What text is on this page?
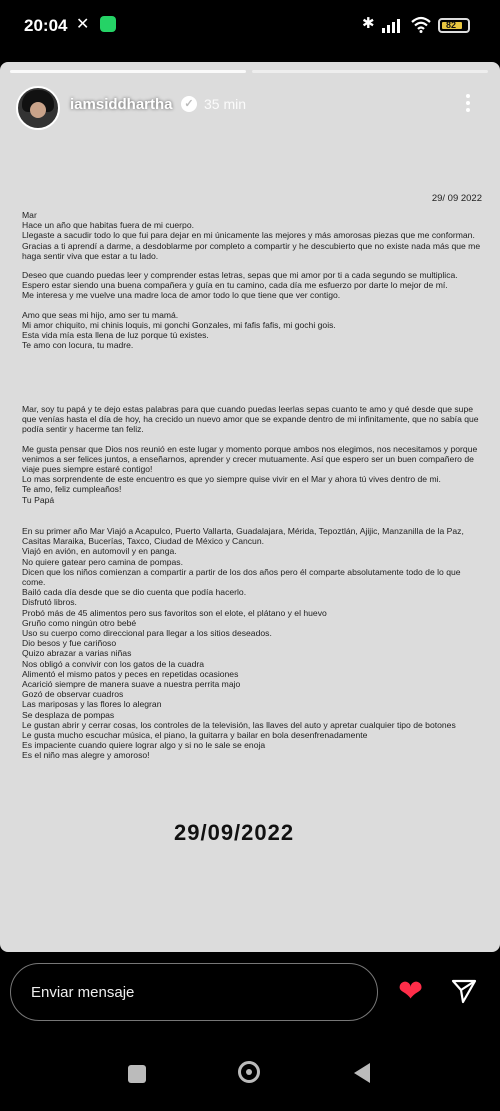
20:04 ✕	✱	82
iamsiddhartha	✓ 35 min
29/ 09 2022

Mar
Hace un año que habitas fuera de mi cuerpo.
Llegaste a sacudir todo lo que fui para dejar en mi únicamente las mejores y más amorosas piezas que me conforman. Gracias a ti aprendí a darme, a desdoblarme por completo a compartir y he descubierto que no existe nada más que me haga sentir viva que estar a tu lado.

Deseo que cuando puedas leer y comprender estas letras, sepas que mi amor por ti a cada segundo se multiplica.
Espero estar siendo una buena compañera y guía en tu camino, cada día me esfuerzo por darte lo mejor de mí.
Me interesa y me vuelve una madre loca de amor todo lo que tiene que ver contigo.

Amo que seas mi hijo, amo ser tu mamá.
Mi amor chiquito, mi chinis loquis, mi gonchi Gonzales, mi fafis fafis, mi gochi gois.
Esta vida mía esta llena de luz porque tú existes.
Te amo con locura, tu madre.

Mar, soy tu papá y te dejo estas palabras para que cuando puedas leerlas sepas cuanto te amo y qué desde que supe que venías hasta el día de hoy, ha crecido un nuevo amor que se expande dentro de mi infinitamente, que no sabía que podía sentir y hacerme tan feliz.

Me gusta pensar que Dios nos reunió en este lugar y momento porque ambos nos elegimos, nos necesitamos y porque venimos a ser felices juntos, a enseñarnos, aprender y crecer mutuamente. Así que espero ser un buen compañero de viaje pues siempre estaré contigo!
Lo mas sorprendente de este encuentro es que yo siempre quise vivir en el Mar y ahora tú vives dentro de mi.
Te amo, feliz cumpleaños!
Tu Papá

En su primer año Mar Viajó a Acapulco, Puerto Vallarta, Guadalajara, Mérida, Tepoztlán, Ajijic, Manzanilla de la Paz, Casitas Maraika, Bucerías, Taxco, Ciudad de México y Cancun.
Viajó en avión, en automovil y en panga.
No quiere gatear pero camina de pompas.
Dicen que los niños comienzan a compartir a partir de los dos años pero él comparte absolutamente todo de lo que come.
Bailó cada día desde que se dio cuenta que podía hacerlo.
Disfrutó libros.
Probó más de 45 alimentos pero sus favoritos son el elote, el plátano y el huevo
Gruño como ningún otro bebé
Uso su cuerpo como direccional para llegar a los sitios deseados.
Dio besos y fue cariñoso
Quizo abrazar a varias niñas
Nos obligó a convivir con los gatos de la cuadra
Alimentó el mismo patos y peces en repetidas ocasiones
Acarició siempre de manera suave a nuestra perrita majo
Gozó de observar cuadros
Las mariposas y las flores lo alegran
Se desplaza de pompas
Le gustan abrir y cerrar cosas, los controles de la televisión, las llaves del auto y apretar cualquier tipo de botones
Le gusta mucho escuchar música, el piano, la guitarra y bailar en bola desenfrenadamente
Es impaciente cuando quiere lograr algo y si no le sale se enoja
Es el niño mas alegre y amoroso!

29/09/2022
Enviar mensaje	❤
